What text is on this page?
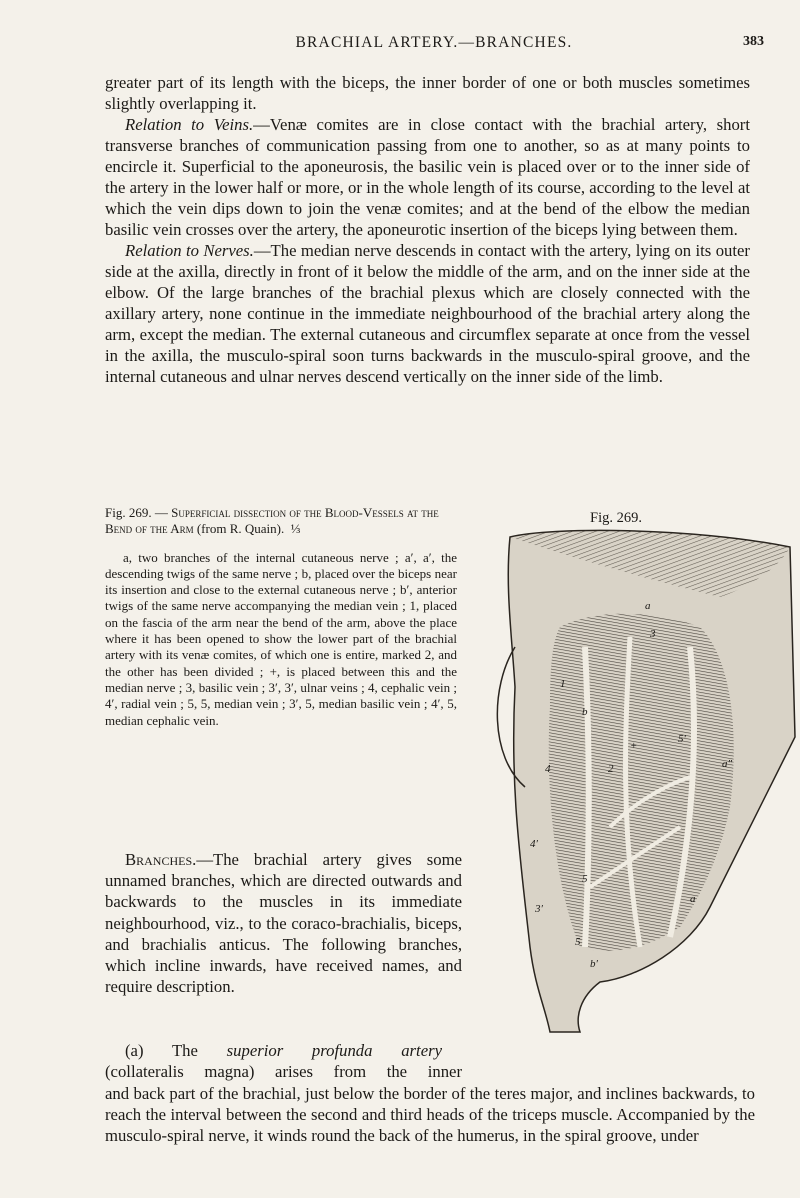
BRACHIAL ARTERY.—BRANCHES.	383

greater part of its length with the biceps, the inner border of one or both muscles sometimes slightly overlapping it.

Relation to Veins.—Venæ comites are in close contact with the brachial artery, short transverse branches of communication passing from one to another, so as at many points to encircle it. Superficial to the aponeurosis, the basilic vein is placed over or to the inner side of the artery in the lower half or more, or in the whole length of its course, according to the level at which the vein dips down to join the venæ comites; and at the bend of the elbow the median basilic vein crosses over the artery, the aponeurotic insertion of the biceps lying between them.

Relation to Nerves.—The median nerve descends in contact with the artery, lying on its outer side at the axilla, directly in front of it below the middle of the arm, and on the inner side at the elbow. Of the large branches of the brachial plexus which are closely connected with the axillary artery, none continue in the immediate neighbourhood of the brachial artery along the arm, except the median. The external cutaneous and circumflex separate at once from the vessel in the axilla, the musculo-spiral soon turns backwards in the musculo-spiral groove, and the internal cutaneous and ulnar nerves descend vertically on the inner side of the limb.

Fig. 269. — Superficial dissection of the Blood-Vessels at the Bend of the Arm (from R. Quain). ⅓

a, two branches of the internal cutaneous nerve ; a′, a′, the descending twigs of the same nerve ; b, placed over the biceps near its insertion and close to the external cutaneous nerve ; b′, anterior twigs of the same nerve accompanying the median vein ; 1, placed on the fascia of the arm near the bend of the arm, above the place where it has been opened to show the lower part of the brachial artery with its venæ comites, of which one is entire, marked 2, and the other has been divided ; +, is placed between this and the median nerve ; 3, basilic vein ; 3′, 3′, ulnar veins ; 4, cephalic vein ; 4′, radial vein ; 5, 5, median vein ; 3′, 5, median basilic vein ; 4′, 5, median cephalic vein.

Fig. 269.
a
3
b
1
4	2
5
+
5′
a″
4′
3′
b′
5
a

Branches.—The brachial artery gives some unnamed branches, which are directed outwards and backwards to the muscles in its immediate neighbourhood, viz., to the coraco-brachialis, biceps, and brachialis anticus. The following branches, which incline inwards, have received names, and require description.

(a) The superior profunda artery

(collateralis magna) arises from the inner

and back part of the brachial, just below the border of the teres major, and inclines backwards, to reach the interval between the second and third heads of the triceps muscle. Accompanied by the musculo-spiral nerve, it winds round the back of the humerus, in the spiral groove, under
